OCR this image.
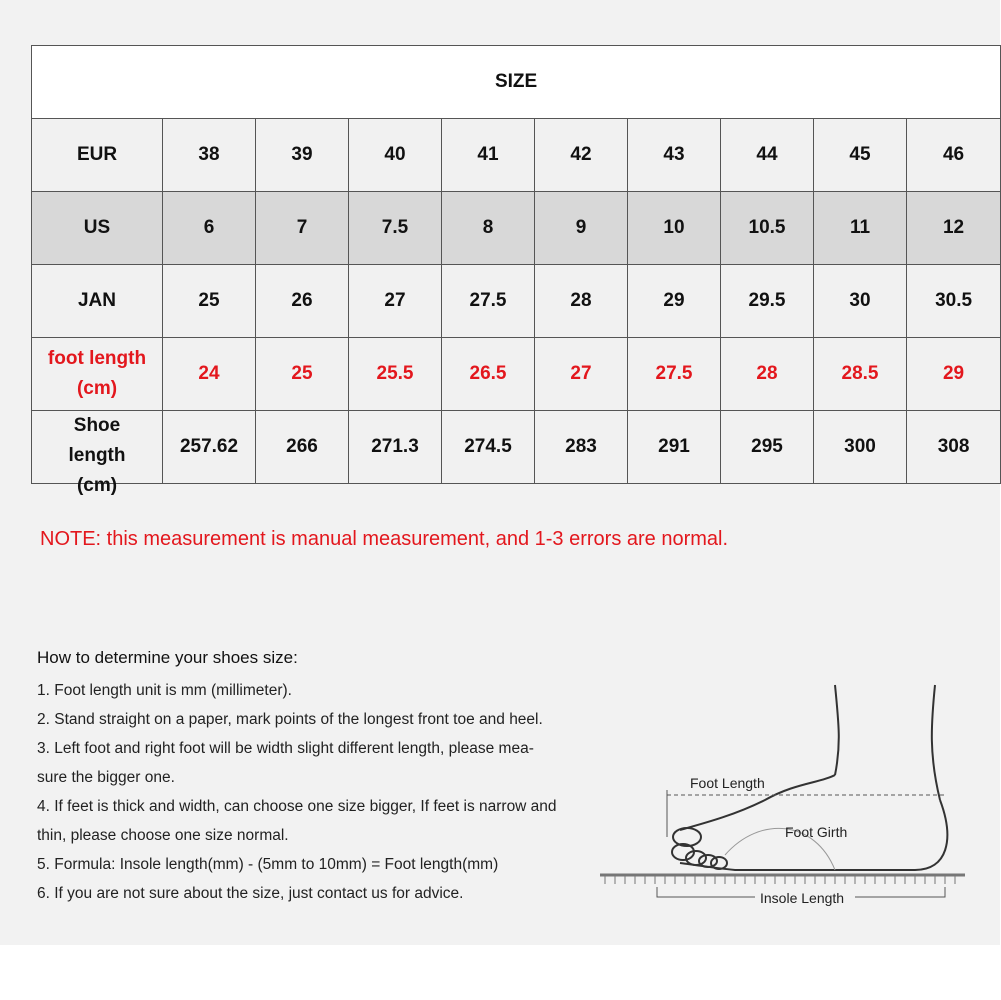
SIZE									
EUR	38	39	40	41	42	43	44	45	46
US	6	7	7.5	8	9	10	10.5	11	12
JAN	25	26	27	27.5	28	29	29.5	30	30.5

foot length
(cm)	24	25	25.5	26.5	27	27.5	28	28.5	29

Shoe
length
(cm)	257.62	266	271.3	274.5	283	291	295	300	308
NOTE: this measurement is manual measurement, and 1-3 errors are normal.
How to determine your shoes size:
1. Foot length unit is mm (millimeter).
2. Stand straight on a paper, mark points of the longest front toe and heel.
3. Left foot and right foot will be width slight different length, please mea-
sure the bigger one.
4. If feet is thick and width, can choose one size bigger, If feet is narrow and
thin, please choose one size normal.
5. Formula: Insole length(mm) - (5mm to 10mm) = Foot length(mm)
6. If you are not sure about the size, just contact us for advice.
Foot Length
Foot Girth
Insole Length
